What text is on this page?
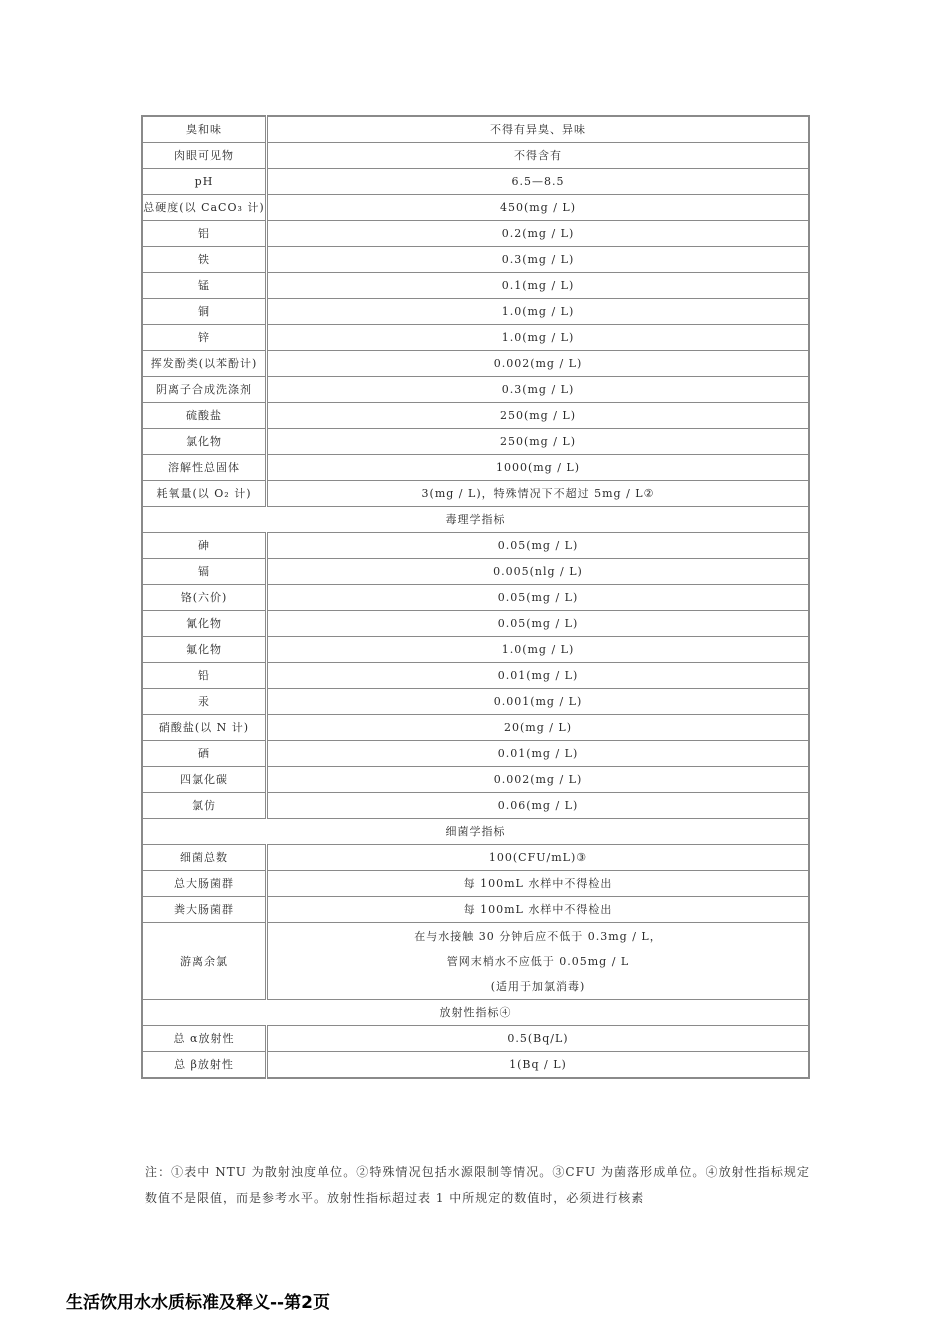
臭和味	不得有异臭、异味
肉眼可见物	不得含有
pH	6.5—8.5
总硬度(以 CaCO₃ 计)	450(mg / L)
铝	0.2(mg / L)
铁	0.3(mg / L)
锰	0.1(mg / L)
铜	1.0(mg / L)
锌	1.0(mg / L)
挥发酚类(以苯酚计)	0.002(mg / L)
阴离子合成洗涤剂	0.3(mg / L)
硫酸盐	250(mg / L)
氯化物	250(mg / L)
溶解性总固体	1000(mg / L)
耗氧量(以 O₂ 计)	3(mg / L)，特殊情况下不超过 5mg / L②
毒理学指标	
砷	0.05(mg / L)
镉	0.005(nlg / L)
铬(六价)	0.05(mg / L)
氰化物	0.05(mg / L)
氟化物	1.0(mg / L)
铅	0.01(mg / L)
汞	0.001(mg / L)
硝酸盐(以 N 计)	20(mg / L)
硒	0.01(mg / L)
四氯化碳	0.002(mg / L)
氯仿	0.06(mg / L)
细菌学指标	
细菌总数	100(CFU/mL)③
总大肠菌群	每 100mL 水样中不得检出
粪大肠菌群	每 100mL 水样中不得检出
游离余氯	在与水接触 30 分钟后应不低于 0.3mg / L，
管网末梢水不应低于 0.05mg / L
(适用于加氯消毒)

放射性指标④	
总 α放射性	0.5(Bq/L)
总 β放射性	1(Bq / L)
注：①表中 NTU 为散射浊度单位。②特殊情况包括水源限制等情况。③CFU 为菌落形成单位。④放射性指标规定数值不是限值，而是参考水平。放射性指标超过表 1 中所规定的数值时，必须进行核素
生活饮用水水质标准及释义--第2页
